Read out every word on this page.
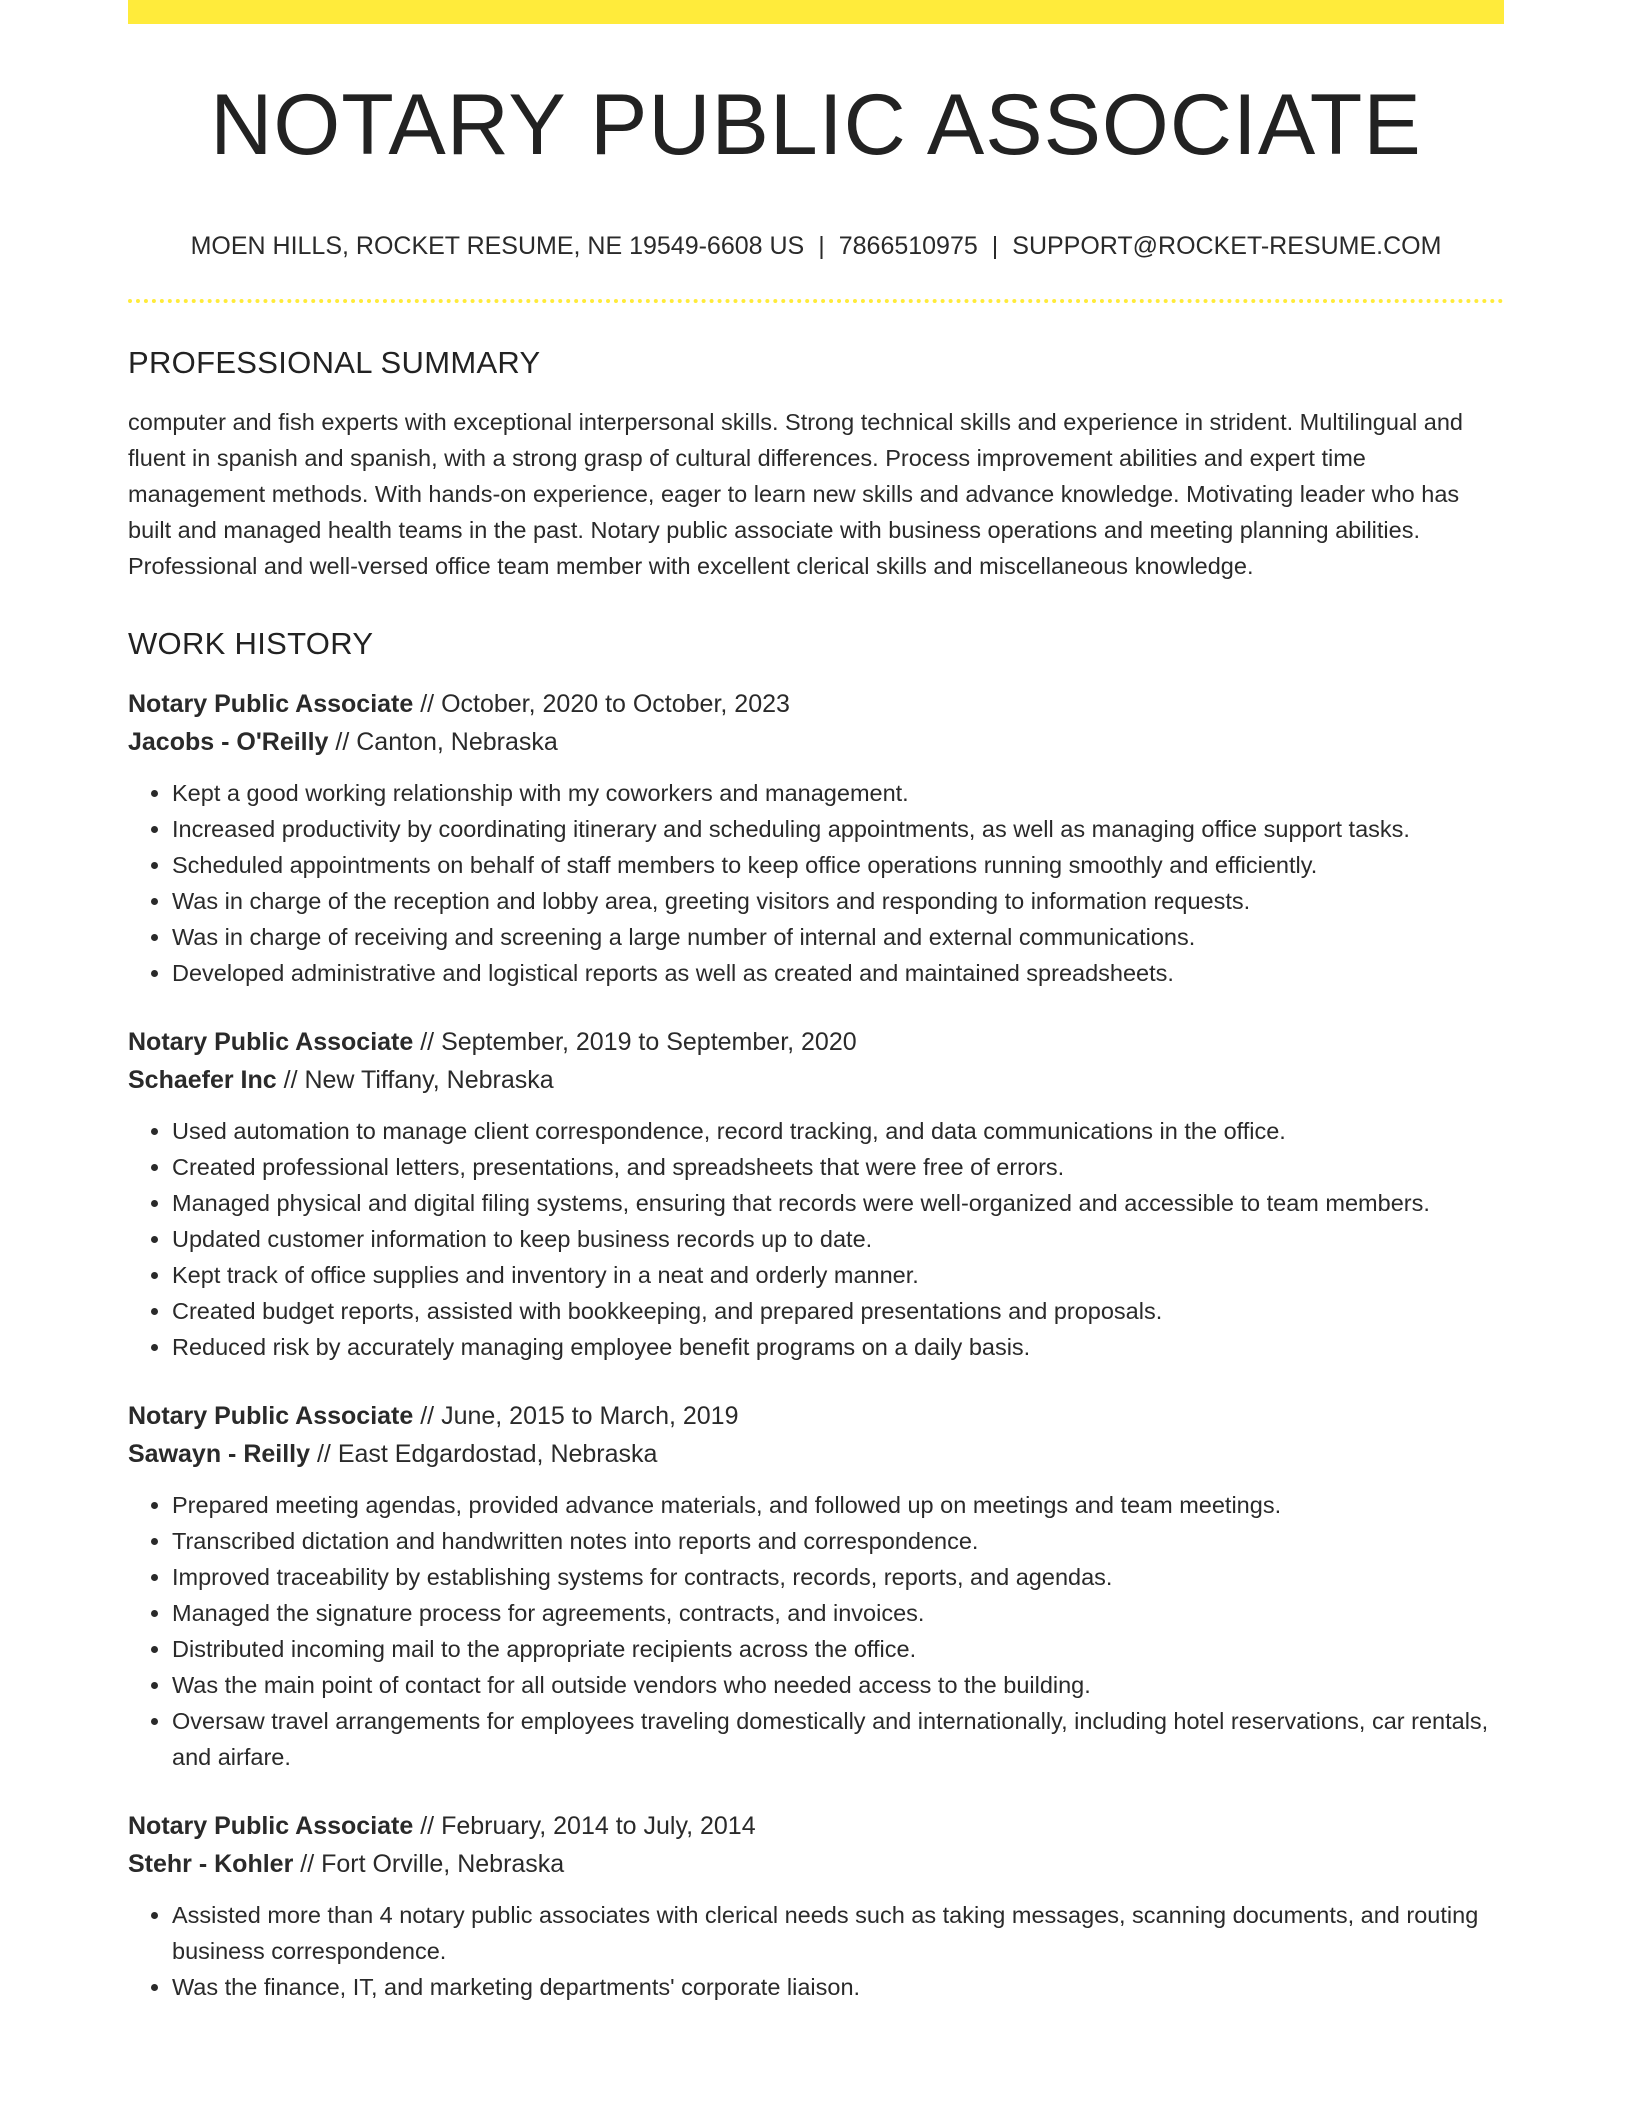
NOTARY PUBLIC ASSOCIATE
MOEN HILLS, ROCKET RESUME, NE 19549-6608 US | 7866510975 | SUPPORT@ROCKET-RESUME.COM
PROFESSIONAL SUMMARY
computer and fish experts with exceptional interpersonal skills. Strong technical skills and experience in strident. Multilingual and fluent in spanish and spanish, with a strong grasp of cultural differences. Process improvement abilities and expert time management methods. With hands-on experience, eager to learn new skills and advance knowledge. Motivating leader who has built and managed health teams in the past. Notary public associate with business operations and meeting planning abilities. Professional and well-versed office team member with excellent clerical skills and miscellaneous knowledge.
WORK HISTORY
Notary Public Associate // October, 2020 to October, 2023
Jacobs - O'Reilly // Canton, Nebraska
• Kept a good working relationship with my coworkers and management.
• Increased productivity by coordinating itinerary and scheduling appointments, as well as managing office support tasks.
• Scheduled appointments on behalf of staff members to keep office operations running smoothly and efficiently.
• Was in charge of the reception and lobby area, greeting visitors and responding to information requests.
• Was in charge of receiving and screening a large number of internal and external communications.
• Developed administrative and logistical reports as well as created and maintained spreadsheets.
Notary Public Associate // September, 2019 to September, 2020
Schaefer Inc // New Tiffany, Nebraska
• Used automation to manage client correspondence, record tracking, and data communications in the office.
• Created professional letters, presentations, and spreadsheets that were free of errors.
• Managed physical and digital filing systems, ensuring that records were well-organized and accessible to team members.
• Updated customer information to keep business records up to date.
• Kept track of office supplies and inventory in a neat and orderly manner.
• Created budget reports, assisted with bookkeeping, and prepared presentations and proposals.
• Reduced risk by accurately managing employee benefit programs on a daily basis.
Notary Public Associate // June, 2015 to March, 2019
Sawayn - Reilly // East Edgardostad, Nebraska
• Prepared meeting agendas, provided advance materials, and followed up on meetings and team meetings.
• Transcribed dictation and handwritten notes into reports and correspondence.
• Improved traceability by establishing systems for contracts, records, reports, and agendas.
• Managed the signature process for agreements, contracts, and invoices.
• Distributed incoming mail to the appropriate recipients across the office.
• Was the main point of contact for all outside vendors who needed access to the building.
• Oversaw travel arrangements for employees traveling domestically and internationally, including hotel reservations, car rentals, and airfare.
Notary Public Associate // February, 2014 to July, 2014
Stehr - Kohler // Fort Orville, Nebraska
• Assisted more than 4 notary public associates with clerical needs such as taking messages, scanning documents, and routing business correspondence.
• Was the finance, IT, and marketing departments' corporate liaison.
